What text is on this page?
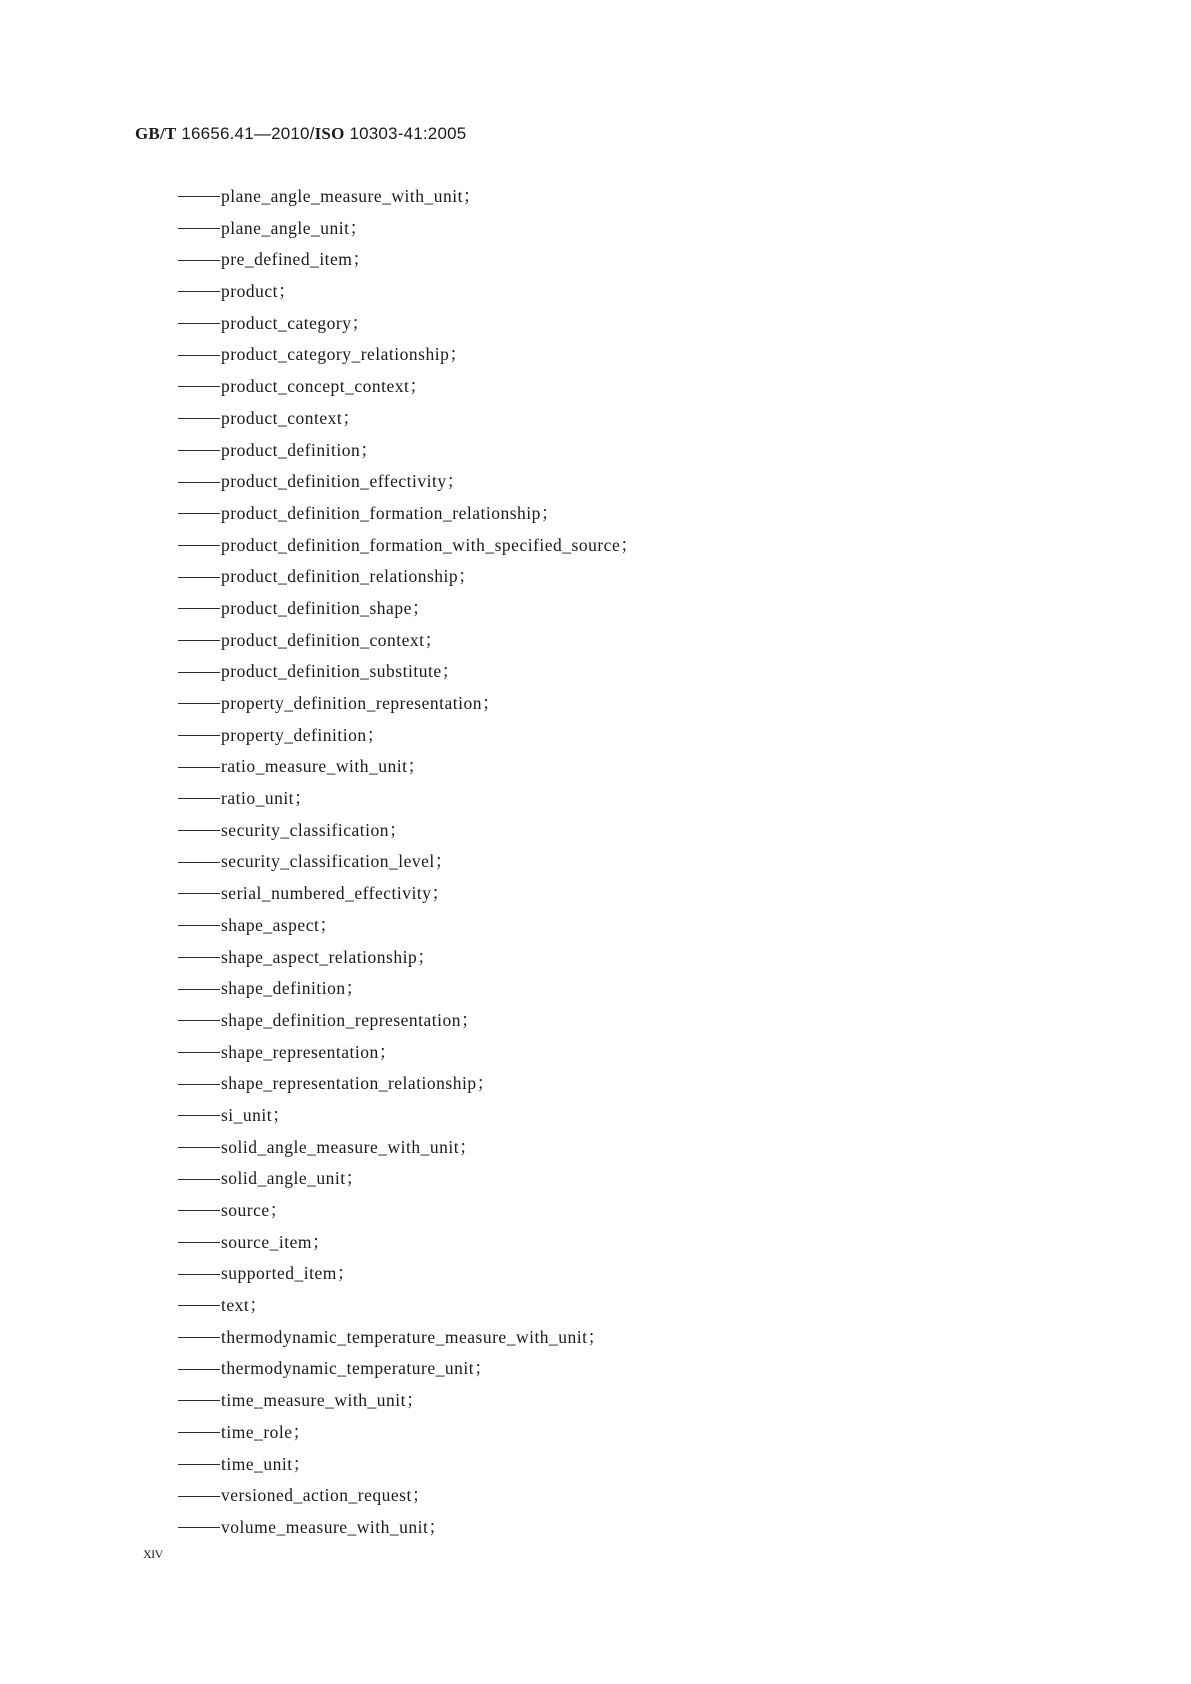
GB/T 16656.41—2010/ISO 10303-41:2005
plane_angle_measure_with_unit；
plane_angle_unit；
pre_defined_item；
product；
product_category；
product_category_relationship；
product_concept_context；
product_context；
product_definition；
product_definition_effectivity；
product_definition_formation_relationship；
product_definition_formation_with_specified_source；
product_definition_relationship；
product_definition_shape；
product_definition_context；
product_definition_substitute；
property_definition_representation；
property_definition；
ratio_measure_with_unit；
ratio_unit；
security_classification；
security_classification_level；
serial_numbered_effectivity；
shape_aspect；
shape_aspect_relationship；
shape_definition；
shape_definition_representation；
shape_representation；
shape_representation_relationship；
si_unit；
solid_angle_measure_with_unit；
solid_angle_unit；
source；
source_item；
supported_item；
text；
thermodynamic_temperature_measure_with_unit；
thermodynamic_temperature_unit；
time_measure_with_unit；
time_role；
time_unit；
versioned_action_request；
volume_measure_with_unit；
XIV
